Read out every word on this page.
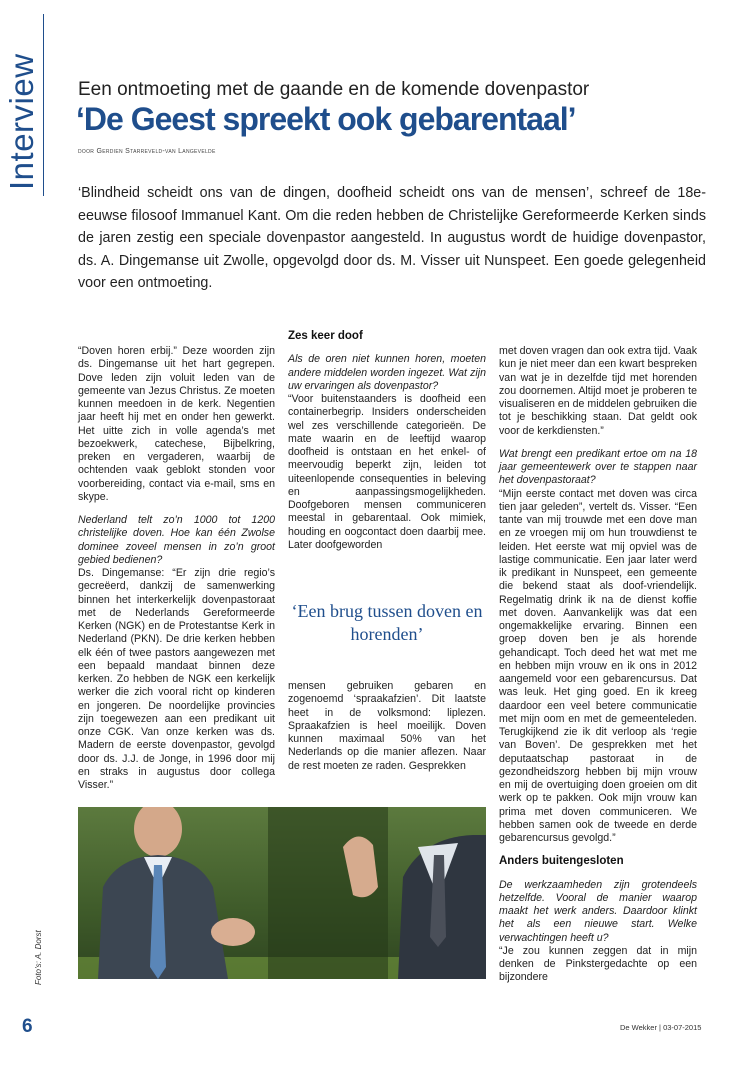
Interview Een ontmoeting met de gaande en de komende dovenpastor
‘De Geest spreekt ook gebarentaal’
door Gerdien Starreveld-van Langevelde
‘Blindheid scheidt ons van de dingen, doofheid scheidt ons van de mensen’, schreef de 18e-eeuwse filosoof Immanuel Kant. Om die reden hebben de Christelijke Gereformeerde Kerken sinds de jaren zestig een speciale dovenpastor aangesteld. In augustus wordt de huidige dovenpastor, ds. A. Dingemanse uit Zwolle, opgevolgd door ds. M. Visser uit Nunspeet. Een goede gelegenheid voor een ontmoeting.

“Doven horen erbij.” Deze woorden zijn ds. Dingemanse uit het hart gegrepen. Dove leden zijn voluit leden van de gemeente van Jezus Christus. Ze moeten kunnen meedoen in de kerk. Negentien jaar heeft hij met en onder hen gewerkt. Het uitte zich in volle agenda’s met bezoekwerk, catechese, Bijbelkring, preken en vergaderen, waarbij de ochtenden vaak geblokt stonden voor voorbereiding, contact via e-mail, sms en skype.

Nederland telt zo’n 1000 tot 1200 christelijke doven. Hoe kan één Zwolse dominee zoveel mensen in zo’n groot gebied bedienen?

Ds. Dingemanse: “Er zijn drie regio’s gecreëerd, dankzij de samenwerking binnen het interkerkelijk dovenpastoraat met de Nederlands Gereformeerde Kerken (NGK) en de Protestantse Kerk in Nederland (PKN). De drie kerken hebben elk één of twee pastors aangewezen met een bepaald mandaat binnen deze kerken. Zo hebben de NGK een kerkelijk werker die zich vooral richt op kinderen en jongeren. De noordelijke provincies zijn toegewezen aan een predikant uit onze CGK. Van onze kerken was ds. Madern de eerste dovenpastor, gevolgd door ds. J.J. de Jonge, in 1996 door mij en straks in augustus door collega Visser.”

Zes keer doof

Als de oren niet kunnen horen, moeten andere middelen worden ingezet. Wat zijn uw ervaringen als dovenpastor?

“Voor buitenstaanders is doofheid een containerbegrip. Insiders onderscheiden wel zes verschillende categorieën. De mate waarin en de leeftijd waarop doofheid is ontstaan en het enkel- of meervoudig beperkt zijn, leiden tot uiteenlopende consequenties in beleving en aanpassingsmogelijkheden. Doofgeboren mensen communiceren meestal in gebarentaal. Ook mimiek, houding en oogcontact doen daarbij mee. Later doofgeworden

‘Een brug tussen doven en horenden’

mensen gebruiken gebaren en zogenoemd ‘spraakafzien’. Dit laatste heet in de volksmond: liplezen. Spraakafzien is heel moeilijk. Doven kunnen maximaal 50% van het Nederlands op die manier aflezen. Naar de rest moeten ze raden. Gesprekken

met doven vragen dan ook extra tijd. Vaak kun je niet meer dan een kwart bespreken van wat je in dezelfde tijd met horenden zou doornemen. Altijd moet je proberen te visualiseren en de middelen gebruiken die tot je beschikking staan. Dat geldt ook voor de kerkdiensten.”

Wat brengt een predikant ertoe om na 18 jaar gemeentewerk over te stappen naar het dovenpastoraat?

“Mijn eerste contact met doven was circa tien jaar geleden”, vertelt ds. Visser. “Een tante van mij trouwde met een dove man en ze vroegen mij om hun trouwdienst te leiden. Het eerste wat mij opviel was de lastige communicatie. Een jaar later werd ik predikant in Nunspeet, een gemeente die bekend staat als doof-vriendelijk. Regelmatig drink ik na de dienst koffie met doven. Aanvankelijk was dat een ongemakkelijke ervaring. Binnen een groep doven ben je als horende gehandicapt. Toch deed het wat met me en hebben mijn vrouw en ik ons in 2012 aangemeld voor een gebarencursus. Dat was leuk. Het ging goed. En ik kreeg daardoor een veel betere communicatie met mijn oom en met de gemeenteleden. Terugkijkend zie ik dit verloop als ‘regie van Boven’. De gesprekken met het deputaatschap pastoraat in de gezondheidszorg hebben bij mijn vrouw en mij de overtuiging doen groeien om dit werk op te pakken. Ook mijn vrouw kan prima met doven communiceren. We hebben samen ook de tweede en derde gebarencursus gevolgd.”

Anders buitengesloten

De werkzaamheden zijn grotendeels hetzelfde. Vooral de manier waarop maakt het werk anders. Daardoor klinkt het als een nieuwe start. Welke verwachtingen heeft u?

“Je zou kunnen zeggen dat in mijn denken de Pinkstergedachte op een bijzondere

Foto’s: A. Dorst
6	De Wekker | 03-07-2015
